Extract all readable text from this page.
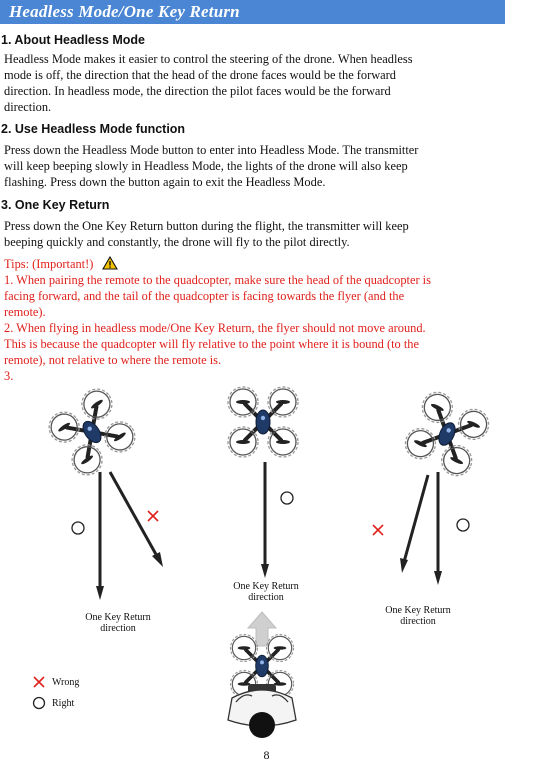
Headless Mode/One Key Return
1. About Headless Mode
Headless Mode makes it easier to control the steering of the drone. When headless
mode is off, the direction that the head of the drone faces would be the forward
direction. In headless mode, the direction the pilot faces would be the forward
direction.
2. Use Headless Mode function
Press down the Headless Mode button to enter into Headless Mode. The transmitter
will keep beeping slowly in Headless Mode, the lights of the drone will also keep
flashing. Press down the button again to exit the Headless Mode.
3. One Key Return
Press down the One Key Return button during the flight, the transmitter will keep
beeping quickly and constantly, the drone will fly to the pilot directly.
Tips: (Important!)
1. When pairing the remote to the quadcopter, make sure the head of the quadcopter is
facing forward, and the tail of the quadcopter is facing towards the flyer (and the
remote).
2. When flying in headless mode/One Key Return, the flyer should not move around.
This is because the quadcopter will fly relative to the point where it is bound (to the
remote), not relative to where the remote is.
3.
One Key Return
direction
One Key Return
direction
One Key Return
direction
Wrong
Right
8
